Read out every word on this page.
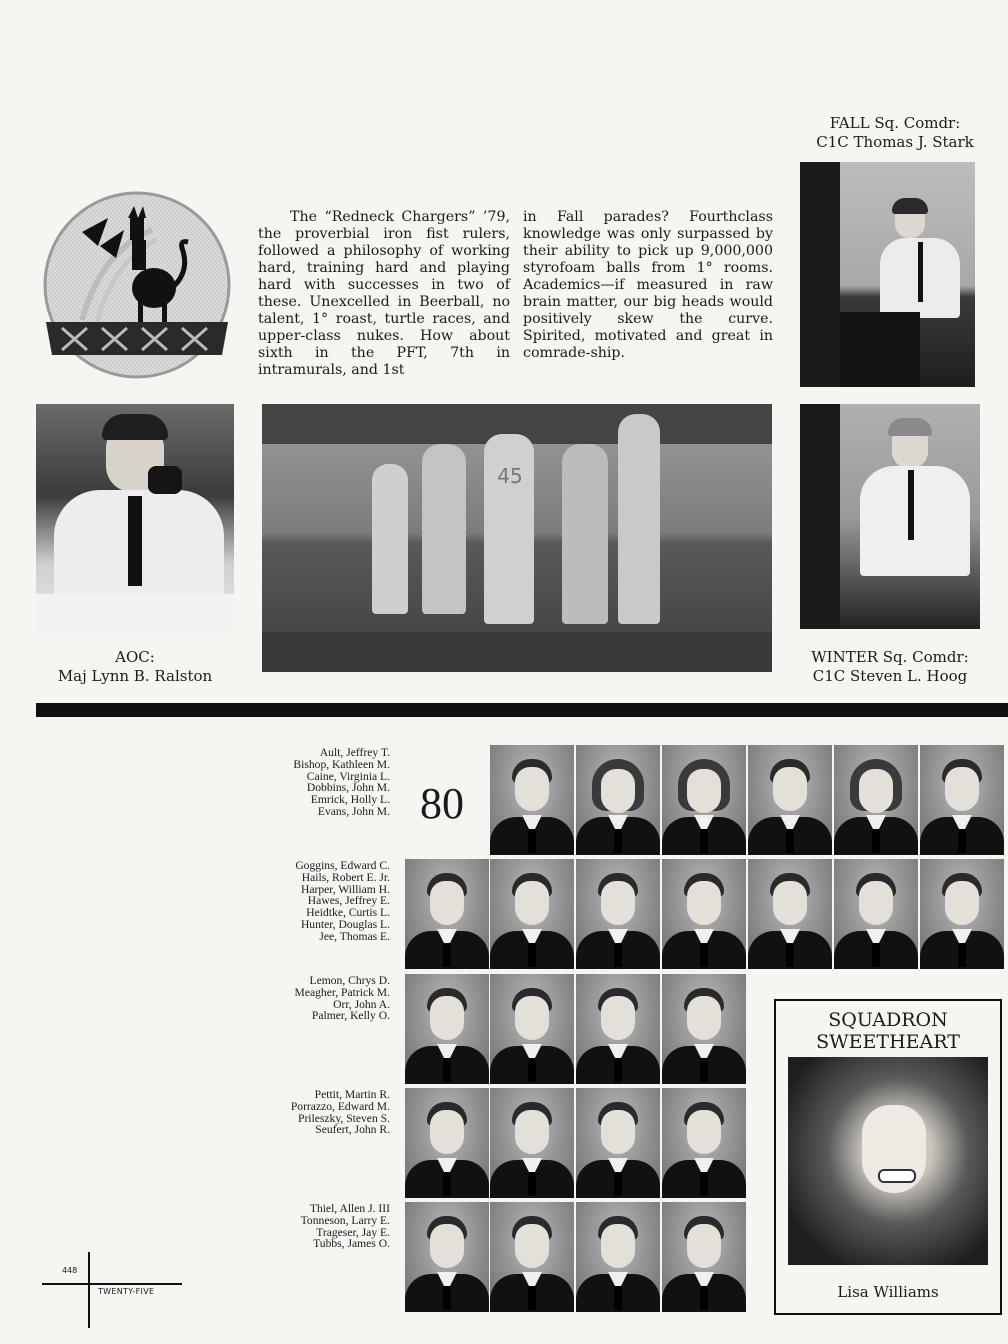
FALL Sq. Comdr:
C1C Thomas J. Stark
The “Redneck Chargers” ’79, the proverbial iron fist rulers, followed a philosophy of working hard, training hard and playing hard with successes in two of these. Unexcelled in Beerball, no talent, 1° roast, turtle races, and upper-class nukes. How about sixth in the PFT, 7th in intramurals, and 1st
in Fall parades? Fourthclass knowledge was only surpassed by their ability to pick up 9,000,000 styrofoam balls from 1° rooms. Academics—if measured in raw brain matter, our big heads would positively skew the curve. Spirited, motivated and great in comrade-ship.
AOC:
Maj Lynn B. Ralston
45
WINTER Sq. Comdr:
C1C Steven L. Hoog
Ault, Jeffrey T.
Bishop, Kathleen M.
Caine, Virginia L.
Dobbins, John M.
Emrick, Holly L.
Evans, John M. 80
Goggins, Edward C.
Hails, Robert E. Jr.
Harper, William H.
Hawes, Jeffrey E.
Heidtke, Curtis L.
Hunter, Douglas L.
Jee, Thomas E.
Lemon, Chrys D.
Meagher, Patrick M.
Orr, John A.
Palmer, Kelly O.
Pettit, Martin R.
Porrazzo, Edward M.
Prileszky, Steven S.
Seufert, John R.
Thiel, Allen J. III
Tonneson, Larry E.
Trageser, Jay E.
Tubbs, James O.
SQUADRON
SWEETHEART
Lisa Williams
448
TWENTY-FIVE
